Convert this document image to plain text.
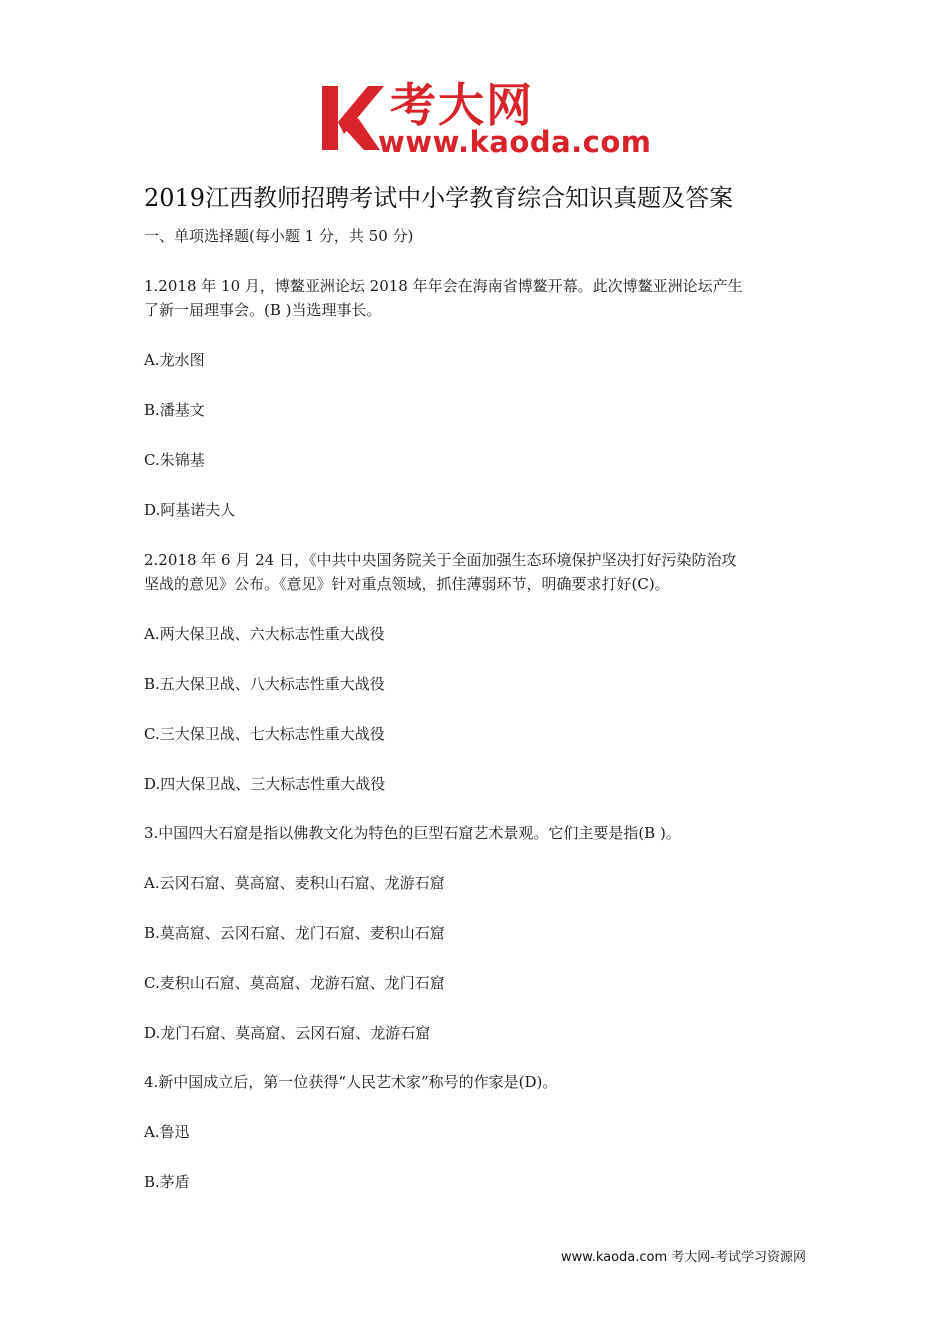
考大网
www.kaoda.com
2019江西教师招聘考试中小学教育综合知识真题及答案
一、单项选择题(每小题 1 分，共 50 分)
1.2018 年 10 月，博鳌亚洲论坛 2018 年年会在海南省博鳌开幕。此次博鳌亚洲论坛产生
了新一届理事会。(B )当选理事长。
A.龙水图
B.潘基文
C.朱锦基
D.阿基诺夫人
2.2018 年 6 月 24 日，《中共中央国务院关于全面加强生态环境保护坚决打好污染防治攻
坚战的意见》公布。《意见》针对重点领域，抓住薄弱环节，明确要求打好(C)。
A.两大保卫战、六大标志性重大战役
B.五大保卫战、八大标志性重大战役
C.三大保卫战、七大标志性重大战役
D.四大保卫战、三大标志性重大战役
3.中国四大石窟是指以佛教文化为特色的巨型石窟艺术景观。它们主要是指(B )。
A.云冈石窟、莫高窟、麦积山石窟、龙游石窟
B.莫高窟、云冈石窟、龙门石窟、麦积山石窟
C.麦积山石窟、莫高窟、龙游石窟、龙门石窟
D.龙门石窟、莫高窟、云冈石窟、龙游石窟
4.新中国成立后，第一位获得“人民艺术家”称号的作家是(D)。
A.鲁迅
B.茅盾
www.kaoda.com 考大网-考试学习资源网
